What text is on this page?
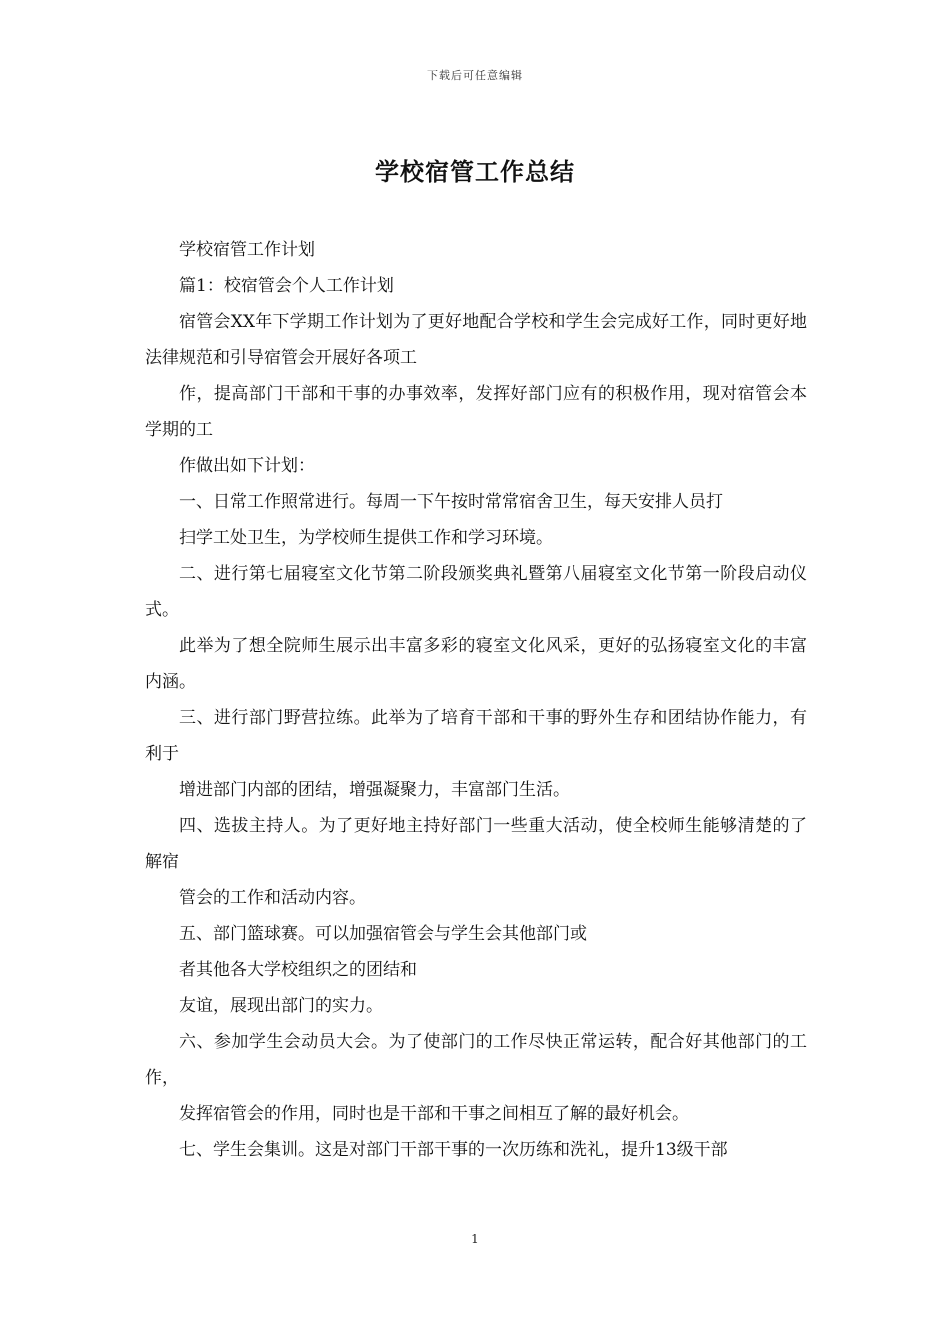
下载后可任意编辑
学校宿管工作总结

学校宿管工作计划

篇1：校宿管会个人工作计划

宿管会XX年下学期工作计划为了更好地配合学校和学生会完成好工作，同时更好地法律规范和引导宿管会开展好各项工

作，提高部门干部和干事的办事效率，发挥好部门应有的积极作用，现对宿管会本学期的工

作做出如下计划：

一、日常工作照常进行。每周一下午按时常常宿舍卫生，每天安排人员打

扫学工处卫生，为学校师生提供工作和学习环境。

二、进行第七届寝室文化节第二阶段颁奖典礼暨第八届寝室文化节第一阶段启动仪式。

此举为了想全院师生展示出丰富多彩的寝室文化风采，更好的弘扬寝室文化的丰富内涵。

三、进行部门野营拉练。此举为了培育干部和干事的野外生存和团结协作能力，有利于

增进部门内部的团结，增强凝聚力，丰富部门生活。

四、选拔主持人。为了更好地主持好部门一些重大活动，使全校师生能够清楚的了解宿

管会的工作和活动内容。

五、部门篮球赛。可以加强宿管会与学生会其他部门或

者其他各大学校组织之的团结和

友谊，展现出部门的实力。

六、参加学生会动员大会。为了使部门的工作尽快正常运转，配合好其他部门的工作，

发挥宿管会的作用，同时也是干部和干事之间相互了解的最好机会。

七、学生会集训。这是对部门干部干事的一次历练和洗礼，提升13级干部

1
